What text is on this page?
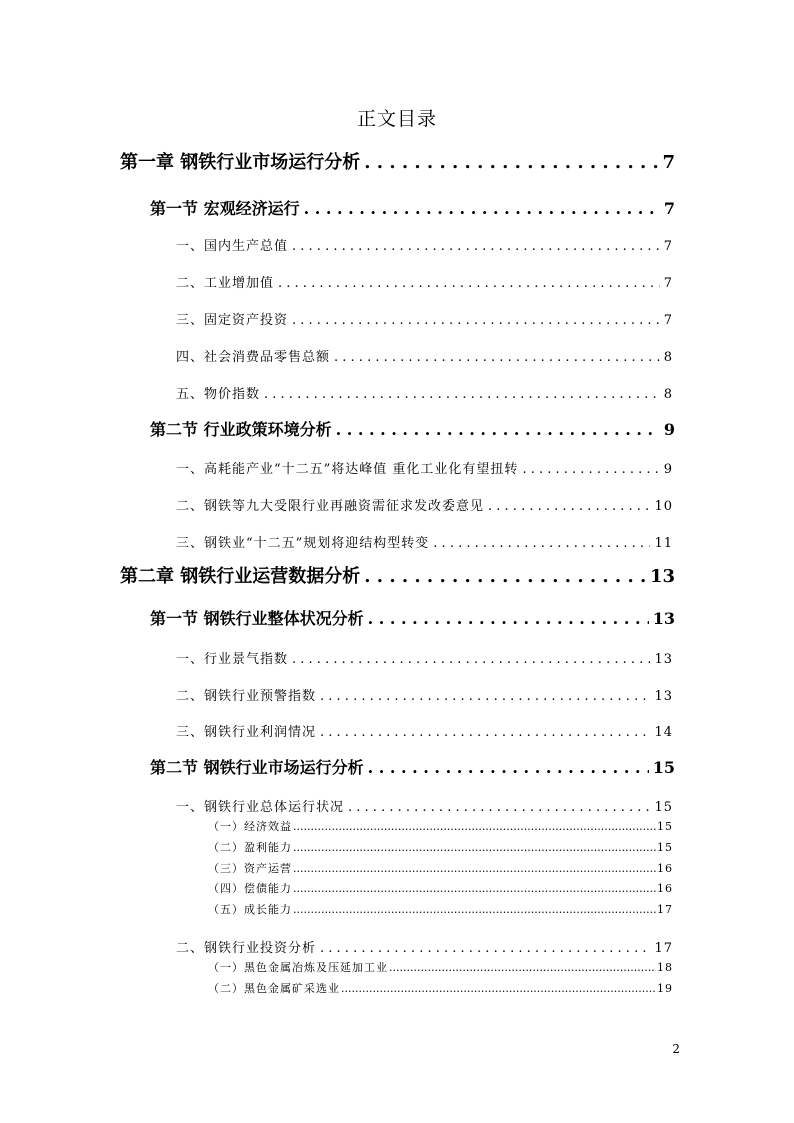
正文目录
第一章 钢铁行业市场运行分析 . . .	7
第一节 宏观经济运行 . . .	7
一、国内生产总值 . . .	7
二、工业增加值 . . .	7
三、固定资产投资 . . .	7
四、社会消费品零售总额 . . .	8
五、物价指数 . . .	8
第二节 行业政策环境分析 . . .	9
一、高耗能产业“十二五”将达峰值 重化工业化有望扭转 . . .	9
二、钢铁等九大受限行业再融资需征求发改委意见 . . .	10
三、钢铁业“十二五”规划将迎结构型转变 . . .	11
第二章 钢铁行业运营数据分析 . . .	13
第一节 钢铁行业整体状况分析 . . .	13
一、行业景气指数 . . .	13
二、钢铁行业预警指数 . . .	13
三、钢铁行业利润情况 . . .	14
第二节 钢铁行业市场运行分析 . . .	15
一、钢铁行业总体运行状况 . . .	15
（一）经济效益 .....	15
（二）盈利能力 .....	15
（三）资产运营 .....	16
（四）偿债能力 .....	16
（五）成长能力 .....	17
二、钢铁行业投资分析 . . .	17
（一）黑色金属冶炼及压延加工业 .....	18
（二）黑色金属矿采选业 .....	19
2
